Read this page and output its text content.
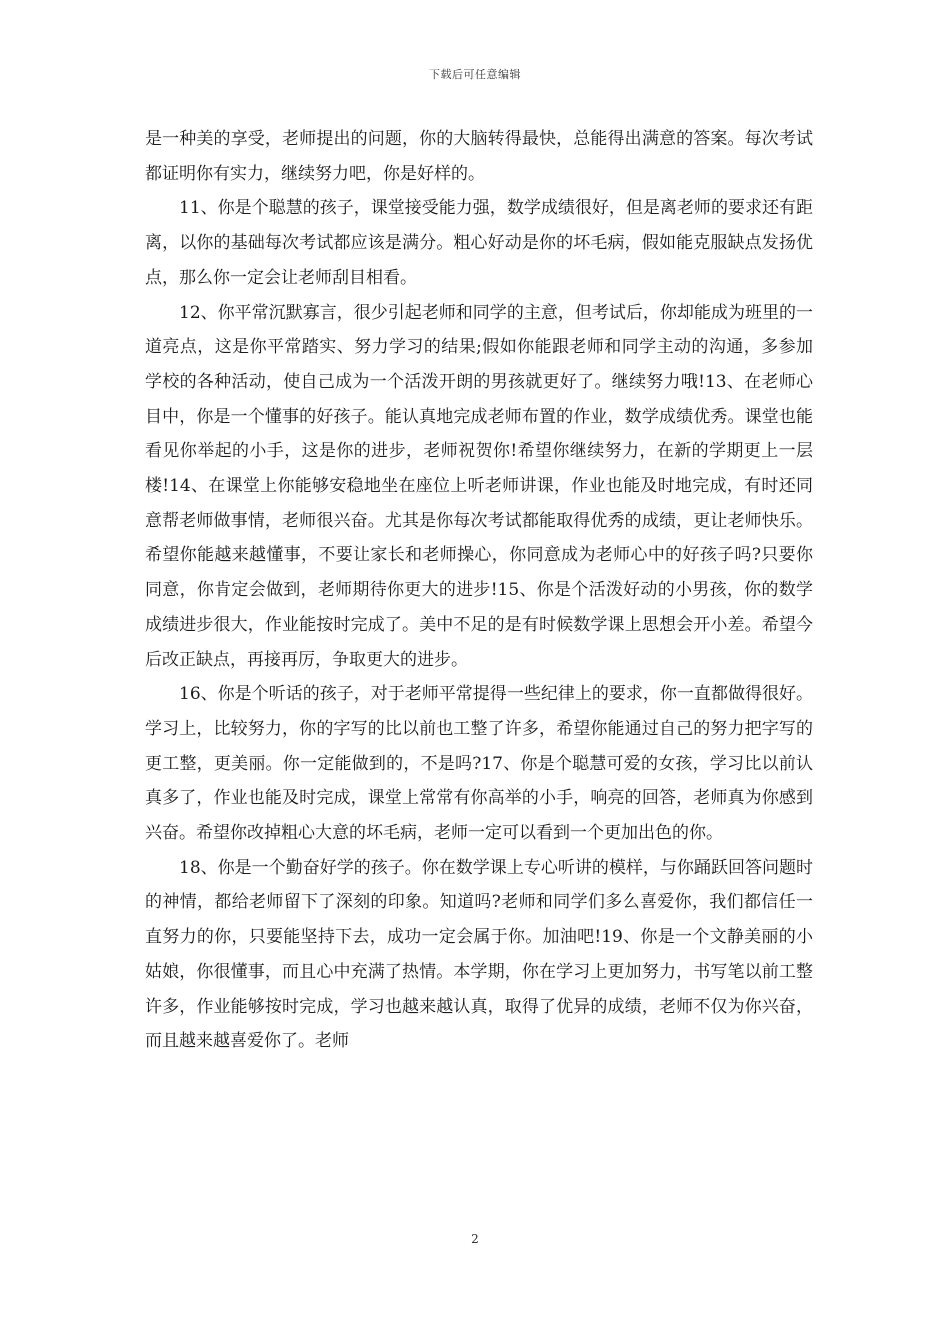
下载后可任意编辑

是一种美的享受，老师提出的问题，你的大脑转得最快，总能得出满意的答案。每次考试都证明你有实力，继续努力吧，你是好样的。

11、你是个聪慧的孩子，课堂接受能力强，数学成绩很好，但是离老师的要求还有距离，以你的基础每次考试都应该是满分。粗心好动是你的坏毛病，假如能克服缺点发扬优点，那么你一定会让老师刮目相看。

12、你平常沉默寡言，很少引起老师和同学的主意，但考试后，你却能成为班里的一道亮点，这是你平常踏实、努力学习的结果;假如你能跟老师和同学主动的沟通，多参加学校的各种活动，使自己成为一个活泼开朗的男孩就更好了。继续努力哦!13、在老师心目中，你是一个懂事的好孩子。能认真地完成老师布置的作业，数学成绩优秀。课堂也能看见你举起的小手，这是你的进步，老师祝贺你!希望你继续努力，在新的学期更上一层楼!14、在课堂上你能够安稳地坐在座位上听老师讲课，作业也能及时地完成，有时还同意帮老师做事情，老师很兴奋。尤其是你每次考试都能取得优秀的成绩，更让老师快乐。希望你能越来越懂事，不要让家长和老师操心，你同意成为老师心中的好孩子吗?只要你同意，你肯定会做到，老师期待你更大的进步!15、你是个活泼好动的小男孩，你的数学成绩进步很大，作业能按时完成了。美中不足的是有时候数学课上思想会开小差。希望今后改正缺点，再接再厉，争取更大的进步。

16、你是个听话的孩子，对于老师平常提得一些纪律上的要求，你一直都做得很好。学习上，比较努力，你的字写的比以前也工整了许多，希望你能通过自己的努力把字写的更工整，更美丽。你一定能做到的，不是吗?17、你是个聪慧可爱的女孩，学习比以前认真多了，作业也能及时完成，课堂上常常有你高举的小手，响亮的回答，老师真为你感到兴奋。希望你改掉粗心大意的坏毛病，老师一定可以看到一个更加出色的你。

18、你是一个勤奋好学的孩子。你在数学课上专心听讲的模样，与你踊跃回答问题时的神情，都给老师留下了深刻的印象。知道吗?老师和同学们多么喜爱你，我们都信任一直努力的你，只要能坚持下去，成功一定会属于你。加油吧!19、你是一个文静美丽的小姑娘，你很懂事，而且心中充满了热情。本学期，你在学习上更加努力，书写笔以前工整许多，作业能够按时完成，学习也越来越认真，取得了优异的成绩，老师不仅为你兴奋，而且越来越喜爱你了。老师

2
